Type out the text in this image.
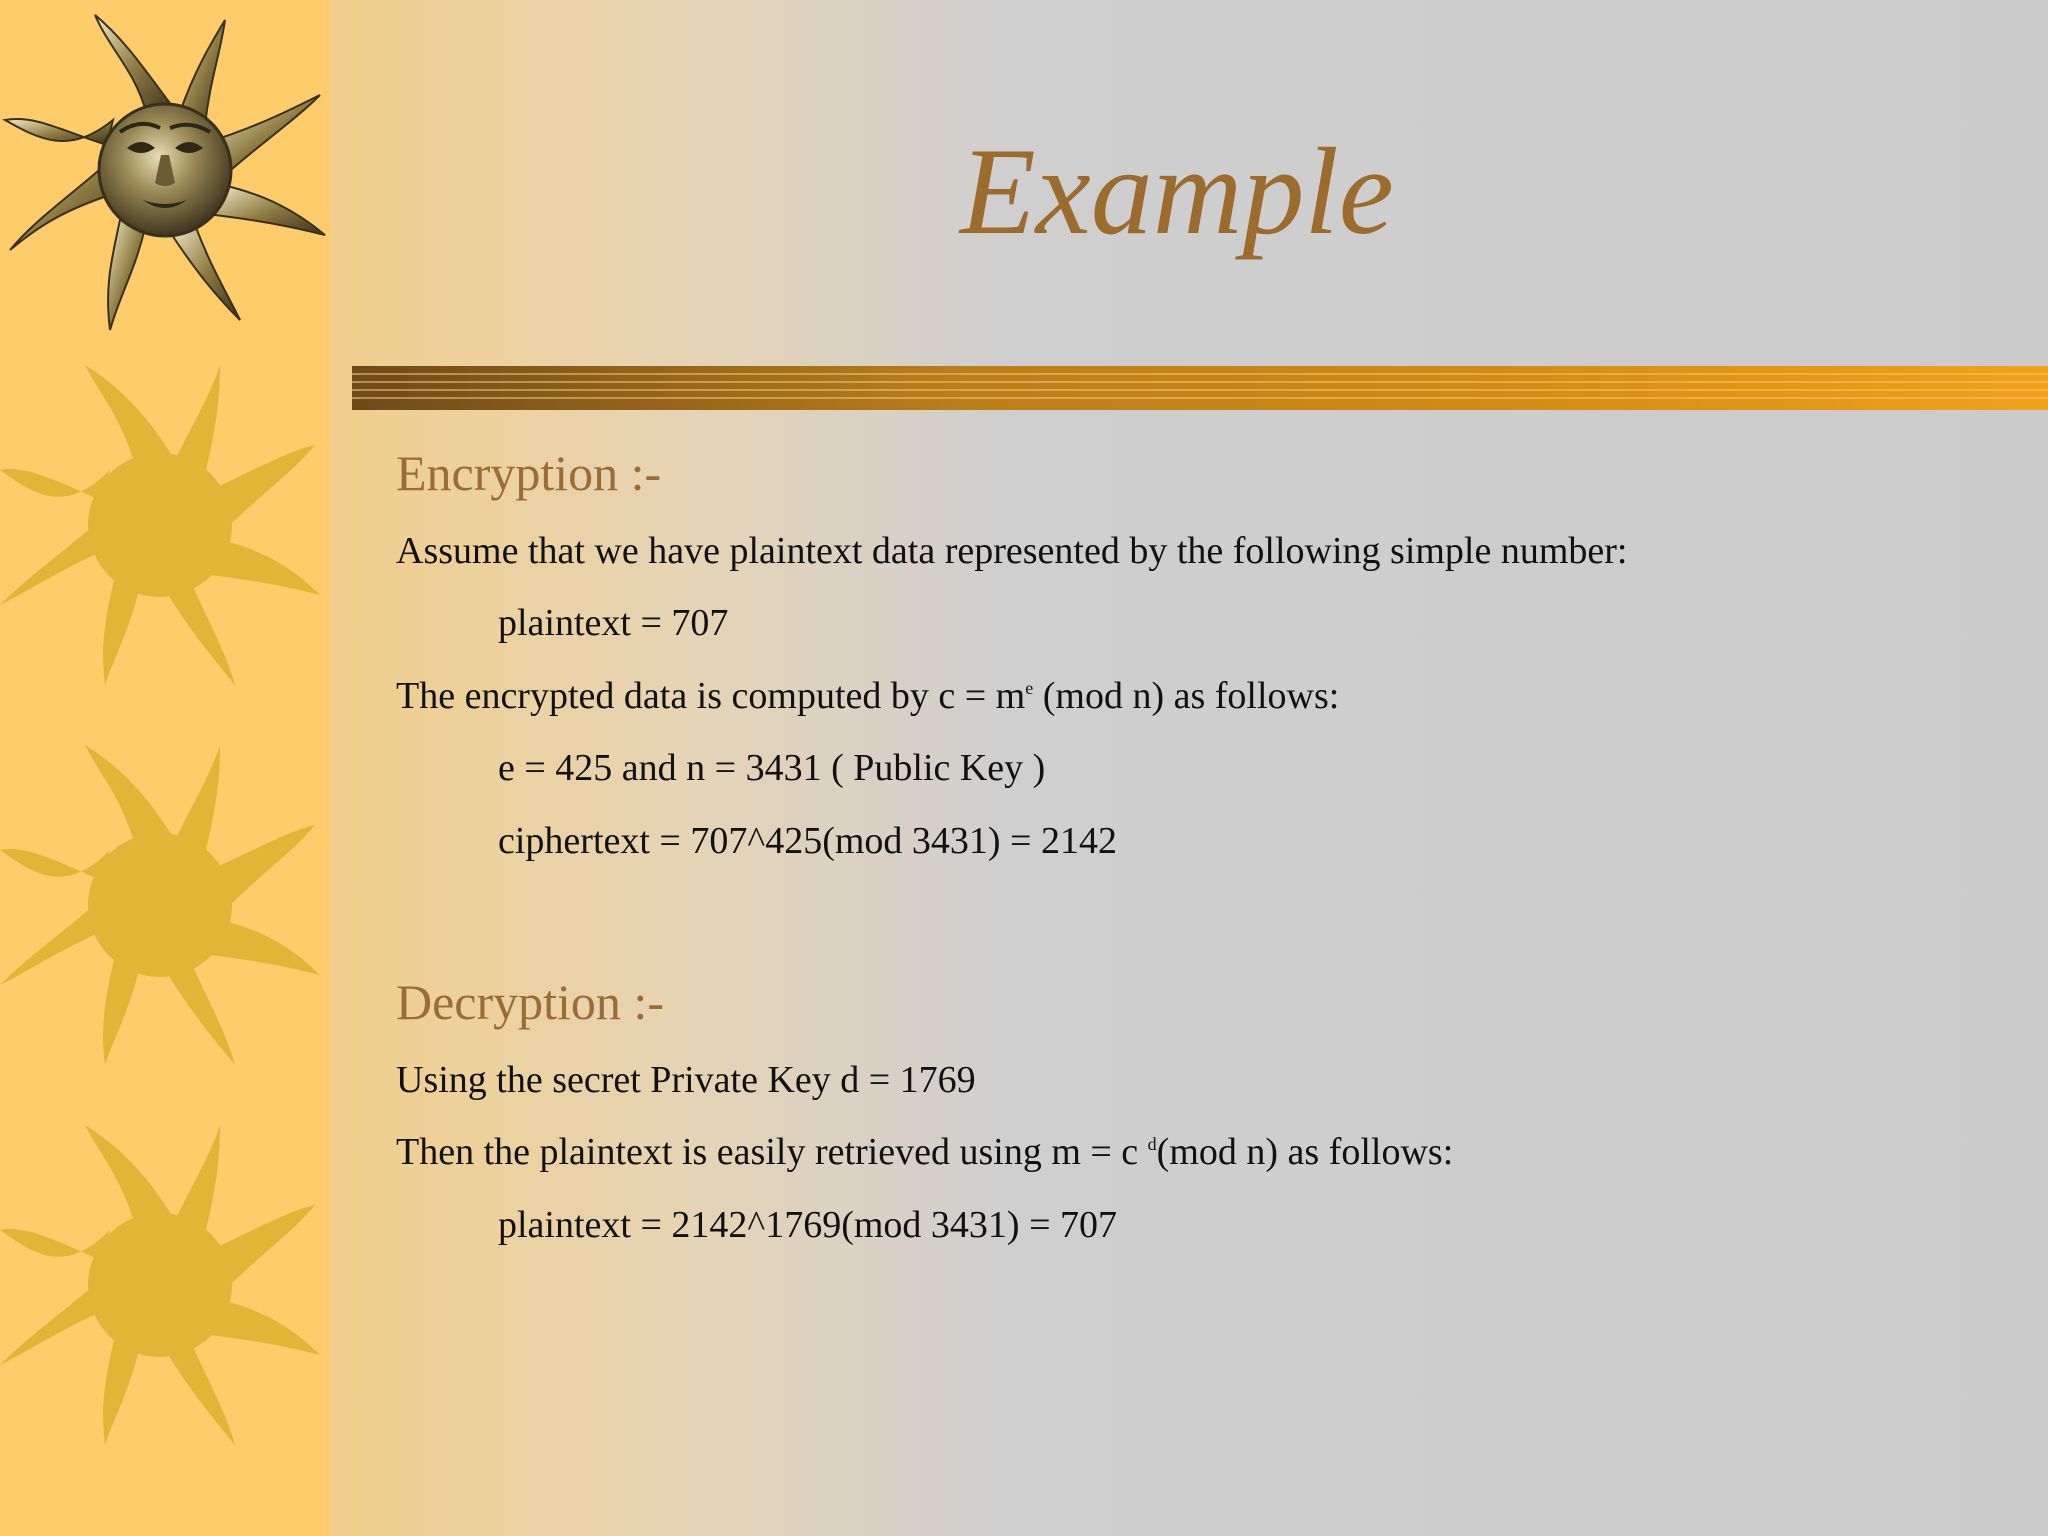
Example
Encryption :-
Assume that we have plaintext data represented by the following simple number:
plaintext = 707
The encrypted data is computed by $c = m^e$ (mod n) as follows:
e = 425 and n = 3431 ( Public Key )
ciphertext = 707^425(mod 3431) = 2142
Decryption :-
Using the secret Private Key d = 1769
Then the plaintext is easily retrieved using m = c $^d$(mod n) as follows:
plaintext = 2142^1769(mod 3431) = 707
